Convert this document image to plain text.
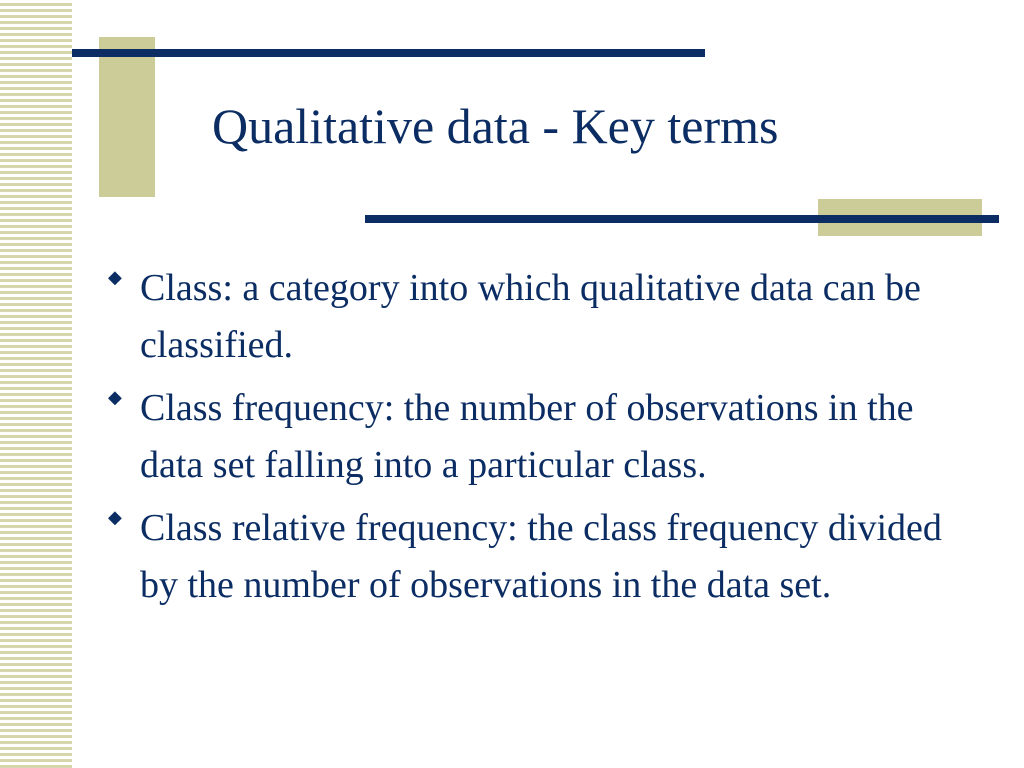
Qualitative data - Key terms
◆ Class: a category into which qualitative data can be classified.
◆ Class frequency: the number of observations in the data set falling into a particular class.
◆ Class relative frequency: the class frequency divided by the number of observations in the data set.
